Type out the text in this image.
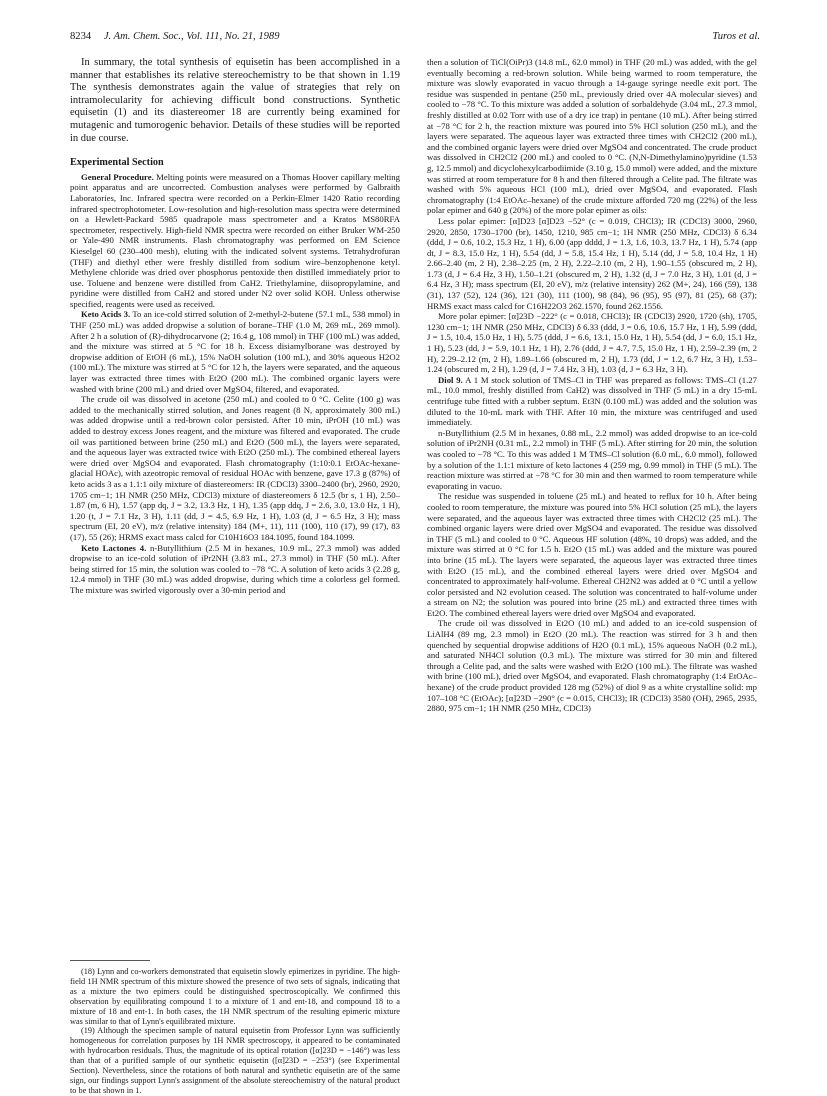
8234 J. Am. Chem. Soc., Vol. 111, No. 21, 1989	Turos et al.

In summary, the total synthesis of equisetin has been accomplished in a manner that establishes its relative stereochemistry to be that shown in 1.19 The synthesis demonstrates again the value of strategies that rely on intramolecularity for achieving difficult bond constructions. Synthetic equisetin (1) and its diastereomer 18 are currently being examined for mutagenic and tumorogenic behavior. Details of these studies will be reported in due course.

Experimental Section

General Procedure. Melting points were measured on a Thomas Hoover capillary melting point apparatus and are uncorrected. Combustion analyses were performed by Galbraith Laboratories, Inc. Infrared spectra were recorded on a Perkin-Elmer 1420 Ratio recording infrared spectrophotometer. Low-resolution and high-resolution mass spectra were determined on a Hewlett-Packard 5985 quadrapole mass spectrometer and a Kratos MS80RFA spectrometer, respectively. High-field NMR spectra were recorded on either Bruker WM-250 or Yale-490 NMR instruments. Flash chromatography was performed on EM Science Kieselgel 60 (230–400 mesh), eluting with the indicated solvent systems. Tetrahydrofuran (THF) and diethyl ether were freshly distilled from sodium wire–benzophenone ketyl. Methylene chloride was dried over phosphorus pentoxide then distilled immediately prior to use. Toluene and benzene were distilled from CaH2. Triethylamine, diisopropylamine, and pyridine were distilled from CaH2 and stored under N2 over solid KOH. Unless otherwise specified, reagents were used as received.

Keto Acids 3. To an ice-cold stirred solution of 2-methyl-2-butene (57.1 mL, 538 mmol) in THF (250 mL) was added dropwise a solution of borane–THF (1.0 M, 269 mL, 269 mmol). After 2 h a solution of (R)-dihydrocarvone (2; 16.4 g, 108 mmol) in THF (100 mL) was added, and the mixture was stirred at 5 °C for 18 h. Excess disiamylborane was destroyed by dropwise addition of EtOH (6 mL), 15% NaOH solution (100 mL), and 30% aqueous H2O2 (100 mL). The mixture was stirred at 5 °C for 12 h, the layers were separated, and the aqueous layer was extracted three times with Et2O (200 mL). The combined organic layers were washed with brine (200 mL) and dried over MgSO4, filtered, and evaporated.

The crude oil was dissolved in acetone (250 mL) and cooled to 0 °C. Celite (100 g) was added to the mechanically stirred solution, and Jones reagent (8 N, approximately 300 mL) was added dropwise until a red-brown color persisted. After 10 min, iPrOH (10 mL) was added to destroy excess Jones reagent, and the mixture was filtered and evaporated. The crude oil was partitioned between brine (250 mL) and Et2O (500 mL), the layers were separated, and the aqueous layer was extracted twice with Et2O (250 mL). The combined ethereal layers were dried over MgSO4 and evaporated. Flash chromatography (1:10:0.1 EtOAc-hexane-glacial HOAc), with azeotropic removal of residual HOAc with benzene, gave 17.3 g (87%) of keto acids 3 as a 1.1:1 oily mixture of diastereomers: IR (CDCl3) 3300–2400 (br), 2960, 2920, 1705 cm−1; 1H NMR (250 MHz, CDCl3) mixture of diastereomers δ 12.5 (br s, 1 H), 2.50–1.87 (m, 6 H), 1.57 (app dq, J = 3.2, 13.3 Hz, 1 H), 1.35 (app ddq, J = 2.6, 3.0, 13.0 Hz, 1 H), 1.20 (t, J = 7.1 Hz, 3 H), 1.11 (dd, J = 4.5, 6.9 Hz, 1 H), 1.03 (d, J = 6.5 Hz, 3 H); mass spectrum (EI, 20 eV), m/z (relative intensity) 184 (M+, 11), 111 (100), 110 (17), 99 (17), 83 (17), 55 (26); HRMS exact mass calcd for C10H16O3 184.1095, found 184.1099.

Keto Lactones 4. n-Butyllithium (2.5 M in hexanes, 10.9 mL, 27.3 mmol) was added dropwise to an ice-cold solution of iPr2NH (3.83 mL, 27.3 mmol) in THF (50 mL). After being stirred for 15 min, the solution was cooled to −78 °C. A solution of keto acids 3 (2.28 g, 12.4 mmol) in THF (30 mL) was added dropwise, during which time a colorless gel formed. The mixture was swirled vigorously over a 30-min period and

(18) Lynn and co-workers demonstrated that equisetin slowly epimerizes in pyridine. The high-field 1H NMR spectrum of this mixture showed the presence of two sets of signals, indicating that as a mixture the two epimers could be distinguished spectroscopically. We confirmed this observation by equilibrating compound 1 to a mixture of 1 and ent-18, and compound 18 to a mixture of 18 and ent-1. In both cases, the 1H NMR spectrum of the resulting epimeric mixture was similar to that of Lynn's equilibrated mixture.

(19) Although the specimen sample of natural equisetin from Professor Lynn was sufficiently homogeneous for correlation purposes by 1H NMR spectroscopy, it appeared to be contaminated with hydrocarbon residuals. Thus, the magnitude of its optical rotation ([α]23D = −146°) was less than that of a purified sample of our synthetic equisetin ([α]23D = −253°) (see Experimental Section). Nevertheless, since the rotations of both natural and synthetic equisetin are of the same sign, our findings support Lynn's assignment of the absolute stereochemistry of the natural product to be that shown in 1.

then a solution of TiCl(OiPr)3 (14.8 mL, 62.0 mmol) in THF (20 mL) was added, with the gel eventually becoming a red-brown solution. While being warmed to room temperature, the mixture was slowly evaporated in vacuo through a 14-gauge syringe needle exit port. The residue was suspended in pentane (250 mL, previously dried over 4A molecular sieves) and cooled to −78 °C. To this mixture was added a solution of sorbaldehyde (3.04 mL, 27.3 mmol, freshly distilled at 0.02 Torr with use of a dry ice trap) in pentane (10 mL). After being stirred at −78 °C for 2 h, the reaction mixture was poured into 5% HCl solution (250 mL), and the layers were separated. The aqueous layer was extracted three times with CH2Cl2 (200 mL), and the combined organic layers were dried over MgSO4 and concentrated. The crude product was dissolved in CH2Cl2 (200 mL) and cooled to 0 °C. (N,N-Dimethylamino)pyridine (1.53 g, 12.5 mmol) and dicyclohexylcarbodiimide (3.10 g, 15.0 mmol) were added, and the mixture was stirred at room temperature for 8 h and then filtered through a Celite pad. The filtrate was washed with 5% aqueous HCl (100 mL), dried over MgSO4, and evaporated. Flash chromatography (1:4 EtOAc–hexane) of the crude mixture afforded 720 mg (22%) of the less polar epimer and 640 g (20%) of the more polar epimer as oils:

Less polar epimer: [α]D23 [α]D23 −52° (c = 0.019, CHCl3); IR (CDCl3) 3000, 2960, 2920, 2850, 1730–1700 (br), 1450, 1210, 985 cm−1; 1H NMR (250 MHz, CDCl3) δ 6.34 (ddd, J = 0.6, 10.2, 15.3 Hz, 1 H), 6.00 (app dddd, J = 1.3, 1.6, 10.3, 13.7 Hz, 1 H), 5.74 (app dt, J = 8.3, 15.0 Hz, 1 H), 5.54 (dd, J = 5.8, 15.4 Hz, 1 H), 5.14 (dd, J = 5.8, 10.4 Hz, 1 H) 2.66–2.40 (m, 2 H), 2.38–2.25 (m, 2 H), 2.22–2.10 (m, 2 H), 1.90–1.55 (obscured m, 2 H), 1.73 (d, J = 6.4 Hz, 3 H), 1.50–1.21 (obscured m, 2 H), 1.32 (d, J = 7.0 Hz, 3 H), 1.01 (d, J = 6.4 Hz, 3 H); mass spectrum (EI, 20 eV), m/z (relative intensity) 262 (M+, 24), 166 (59), 138 (31), 137 (52), 124 (36), 121 (30), 111 (100), 98 (84), 96 (95), 95 (97), 81 (25), 68 (37); HRMS exact mass calcd for C16H22O3 262.1570, found 262.1556.

More polar epimer: [α]23D −222° (c = 0.018, CHCl3); IR (CDCl3) 2920, 1720 (sh), 1705, 1230 cm−1; 1H NMR (250 MHz, CDCl3) δ 6.33 (ddd, J = 0.6, 10.6, 15.7 Hz, 1 H), 5.99 (ddd, J = 1.5, 10.4, 15.0 Hz, 1 H), 5.75 (ddd, J = 6.6, 13.1, 15.0 Hz, 1 H), 5.54 (dd, J = 6.0, 15.1 Hz, 1 H), 5.23 (dd, J = 5.9, 10.1 Hz, 1 H), 2.76 (ddd, J = 4.7, 7.5, 15.0 Hz, 1 H), 2.59–2.39 (m, 2 H), 2.29–2.12 (m, 2 H), 1.89–1.66 (obscured m, 2 H), 1.73 (dd, J = 1.2, 6.7 Hz, 3 H), 1.53–1.24 (obscured m, 2 H), 1.29 (d, J = 7.4 Hz, 3 H), 1.03 (d, J = 6.3 Hz, 3 H).

Diol 9. A 1 M stock solution of TMS–Cl in THF was prepared as follows: TMS–Cl (1.27 mL, 10.0 mmol, freshly distilled from CaH2) was dissolved in THF (5 mL) in a dry 15-mL centrifuge tube fitted with a rubber septum. Et3N (0.100 mL) was added and the solution was diluted to the 10-mL mark with THF. After 10 min, the mixture was centrifuged and used immediately.

n-Butyllithium (2.5 M in hexanes, 0.88 mL, 2.2 mmol) was added dropwise to an ice-cold solution of iPr2NH (0.31 mL, 2.2 mmol) in THF (5 mL). After stirring for 20 min, the solution was cooled to −78 °C. To this was added 1 M TMS–Cl solution (6.0 mL, 6.0 mmol), followed by a solution of the 1.1:1 mixture of keto lactones 4 (259 mg, 0.99 mmol) in THF (5 mL). The reaction mixture was stirred at −78 °C for 30 min and then warmed to room temperature while evaporating in vacuo.

The residue was suspended in toluene (25 mL) and heated to reflux for 10 h. After being cooled to room temperature, the mixture was poured into 5% HCl solution (25 mL), the layers were separated, and the aqueous layer was extracted three times with CH2Cl2 (25 mL). The combined organic layers were dried over MgSO4 and evaporated. The residue was dissolved in THF (5 mL) and cooled to 0 °C. Aqueous HF solution (48%, 10 drops) was added, and the mixture was stirred at 0 °C for 1.5 h. Et2O (15 mL) was added and the mixture was poured into brine (15 mL). The layers were separated, the aqueous layer was extracted three times with Et2O (15 mL), and the combined ethereal layers were dried over MgSO4 and concentrated to approximately half-volume. Ethereal CH2N2 was added at 0 °C until a yellow color persisted and N2 evolution ceased. The solution was concentrated to half-volume under a stream on N2; the solution was poured into brine (25 mL) and extracted three times with Et2O. The combined ethereal layers were dried over MgSO4 and evaporated.

The crude oil was dissolved in Et2O (10 mL) and added to an ice-cold suspension of LiAlH4 (89 mg, 2.3 mmol) in Et2O (20 mL). The reaction was stirred for 3 h and then quenched by sequential dropwise additions of H2O (0.1 mL), 15% aqueous NaOH (0.2 mL), and saturated NH4Cl solution (0.3 mL). The mixture was stirred for 30 min and filtered through a Celite pad, and the salts were washed with Et2O (100 mL). The filtrate was washed with brine (100 mL), dried over MgSO4, and evaporated. Flash chromatography (1:4 EtOAc–hexane) of the crude product provided 128 mg (52%) of diol 9 as a white crystalline solid: mp 107–108 °C (EtOAc); [α]23D −290° (c = 0.015, CHCl3); IR (CDCl3) 3580 (OH), 2965, 2935, 2880, 975 cm−1; 1H NMR (250 MHz, CDCl3)
